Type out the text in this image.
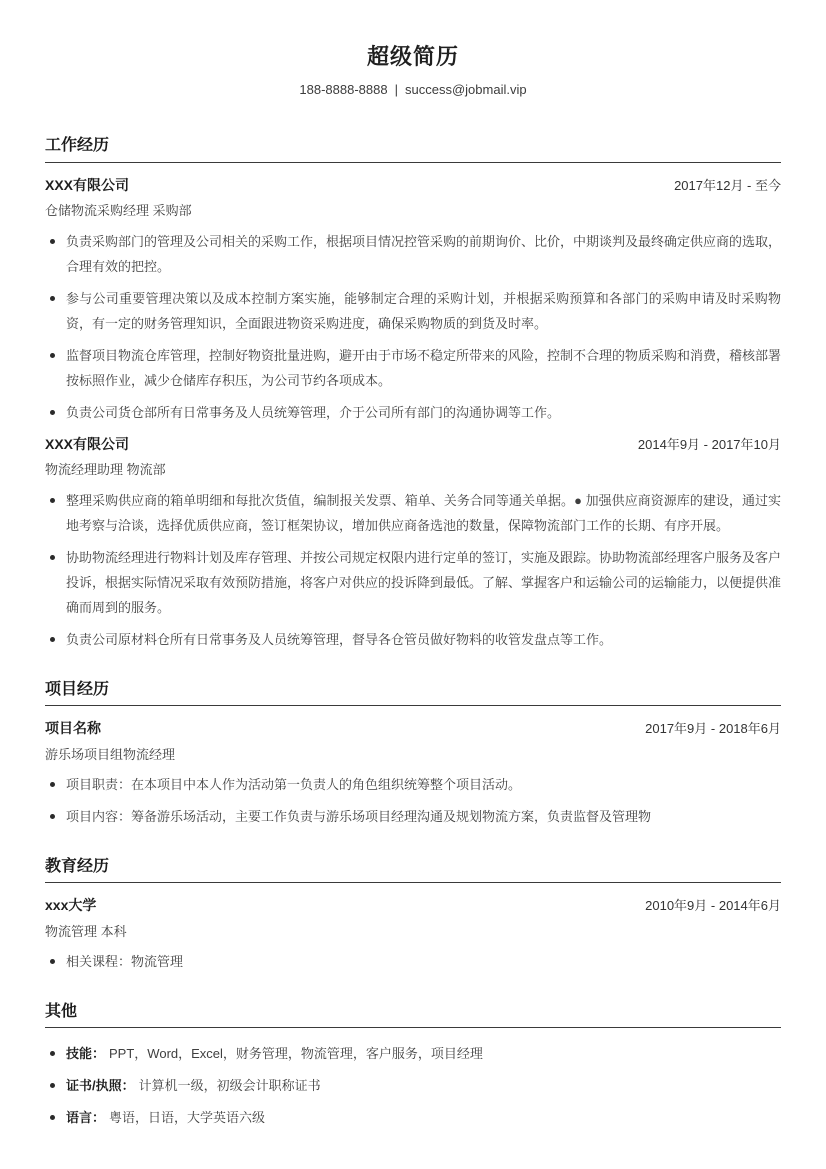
超级简历
188-8888-8888 | success@jobmail.vip
工作经历
XXX有限公司	2017年12月 - 至今
仓储物流采购经理 采购部
负责采购部门的管理及公司相关的采购工作，根据项目情况控管采购的前期询价、比价，中期谈判及最终确定供应商的选取，合理有效的把控。
参与公司重要管理决策以及成本控制方案实施，能够制定合理的采购计划，并根据采购预算和各部门的采购申请及时采购物资，有一定的财务管理知识，全面跟进物资采购进度，确保采购物质的到货及时率。
监督项目物流仓库管理，控制好物资批量进购，避开由于市场不稳定所带来的风险，控制不合理的物质采购和消费，稽核部署按标照作业，减少仓储库存积压，为公司节约各项成本。
负责公司货仓部所有日常事务及人员统筹管理，介于公司所有部门的沟通协调等工作。
XXX有限公司	2014年9月 - 2017年10月
物流经理助理 物流部
整理采购供应商的箱单明细和每批次货值，编制报关发票、箱单、关务合同等通关单据。● 加强供应商资源库的建设，通过实地考察与洽谈，选择优质供应商，签订框架协议，增加供应商备选池的数量，保障物流部门工作的长期、有序开展。
协助物流经理进行物料计划及库存管理、并按公司规定权限内进行定单的签订，实施及跟踪。协助物流部经理客户服务及客户投诉，根据实际情况采取有效预防措施，将客户对供应的投诉降到最低。了解、掌握客户和运输公司的运输能力，以便提供准确而周到的服务。
负责公司原材料仓所有日常事务及人员统筹管理，督导各仓管员做好物料的收管发盘点等工作。
项目经历
项目名称	2017年9月 - 2018年6月
游乐场项目组物流经理
项目职责：在本项目中本人作为活动第一负责人的角色组织统筹整个项目活动。
项目内容：筹备游乐场活动，主要工作负责与游乐场项目经理沟通及规划物流方案，负责监督及管理物
教育经历
xxx大学	2010年9月 - 2014年6月
物流管理 本科
相关课程：物流管理
其他
技能： PPT，Word，Excel，财务管理，物流管理，客户服务，项目经理
证书/执照： 计算机一级，初级会计职称证书
语言： 粤语，日语，大学英语六级
